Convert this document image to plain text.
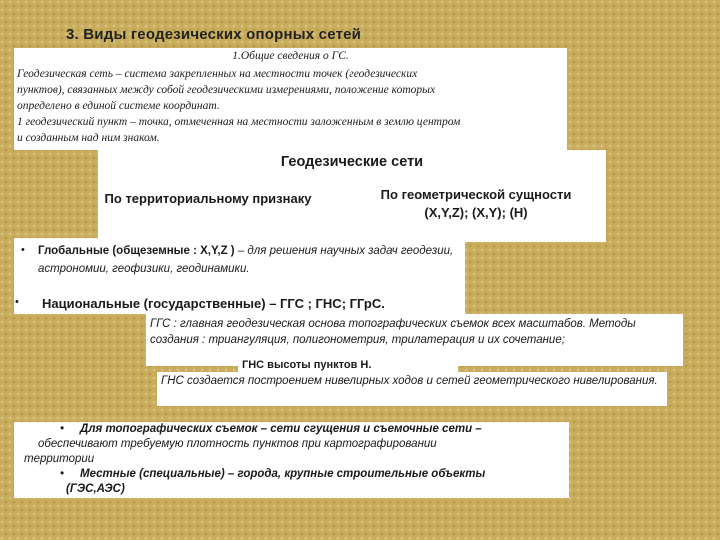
3. Виды геодезических опорных сетей
1.Общие сведения о ГС.
Геодезическая сеть – система закрепленных на местности точек (геодезических
пунктов), связанных между собой геодезическими измерениями, положение которых
определено в единой системе координат.
1 геодезический пункт – точка, отмеченная на местности заложенным в землю центром
и созданным над ним знаком.
Геодезические сети
По территориальному признаку	По геометрической сущности
(X,Y,Z); (X,Y); (H)
• Глобальные (общеземные : X,Y,Z ) – для решения научных задач геодезии, астрономии, геофизики, геодинамики.
• Национальные (государственные) – ГГС ; ГНС; ГГрС.
ГГС : главная геодезическая основа топографических съемок всех масштабов. Методы создания : триангуляция, полигонометрия, трилатерация и их сочетание;
ГНС высоты пунктов Н.
ГНС создается построением нивелирных ходов и сетей геометрического нивелирования.
• Для топографических съемок – сети сгущения и съемочные сети –
обеспечивают требуемую плотность пунктов при картографировании
территории
• Местные (специальные) – города, крупные строительные объекты
(ГЭС,АЭС)
